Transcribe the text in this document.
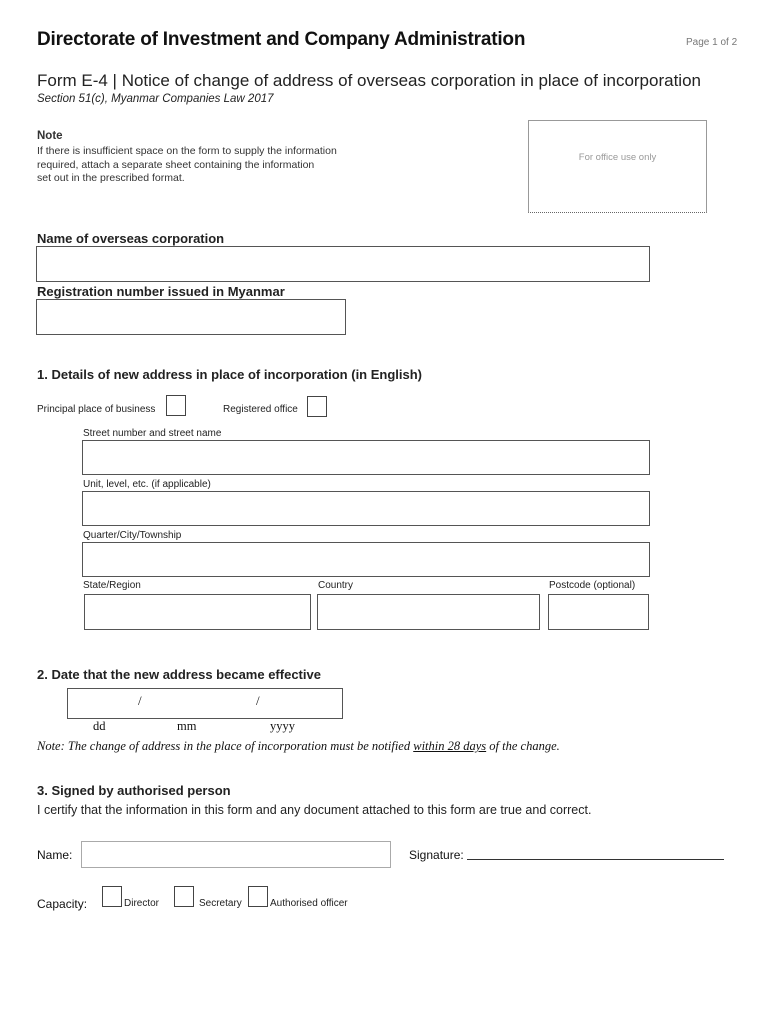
Directorate of Investment and Company Administration	Page 1 of 2
Form E-4 | Notice of change of address of overseas corporation in place of incorporation
Section 51(c), Myanmar Companies Law 2017
Note
If there is insufficient space on the form to supply the information
required, attach a separate sheet containing the information
set out in the prescribed format.
For office use only
Name of overseas corporation
Registration number issued in Myanmar
1. Details of new address in place of incorporation (in English)
Principal place of business	Registered office
Street number and street name
Unit, level, etc. (if applicable)
Quarter/City/Township
State/Region	Country	Postcode (optional)
2. Date that the new address became effective
/	/
dd	mm	yyyy
Note: The change of address in the place of incorporation must be notified within 28 days of the change.
3. Signed by authorised person
I certify that the information in this form and any document attached to this form are true and correct.
Name:	Signature:
Capacity:	Director	Secretary	Authorised officer
